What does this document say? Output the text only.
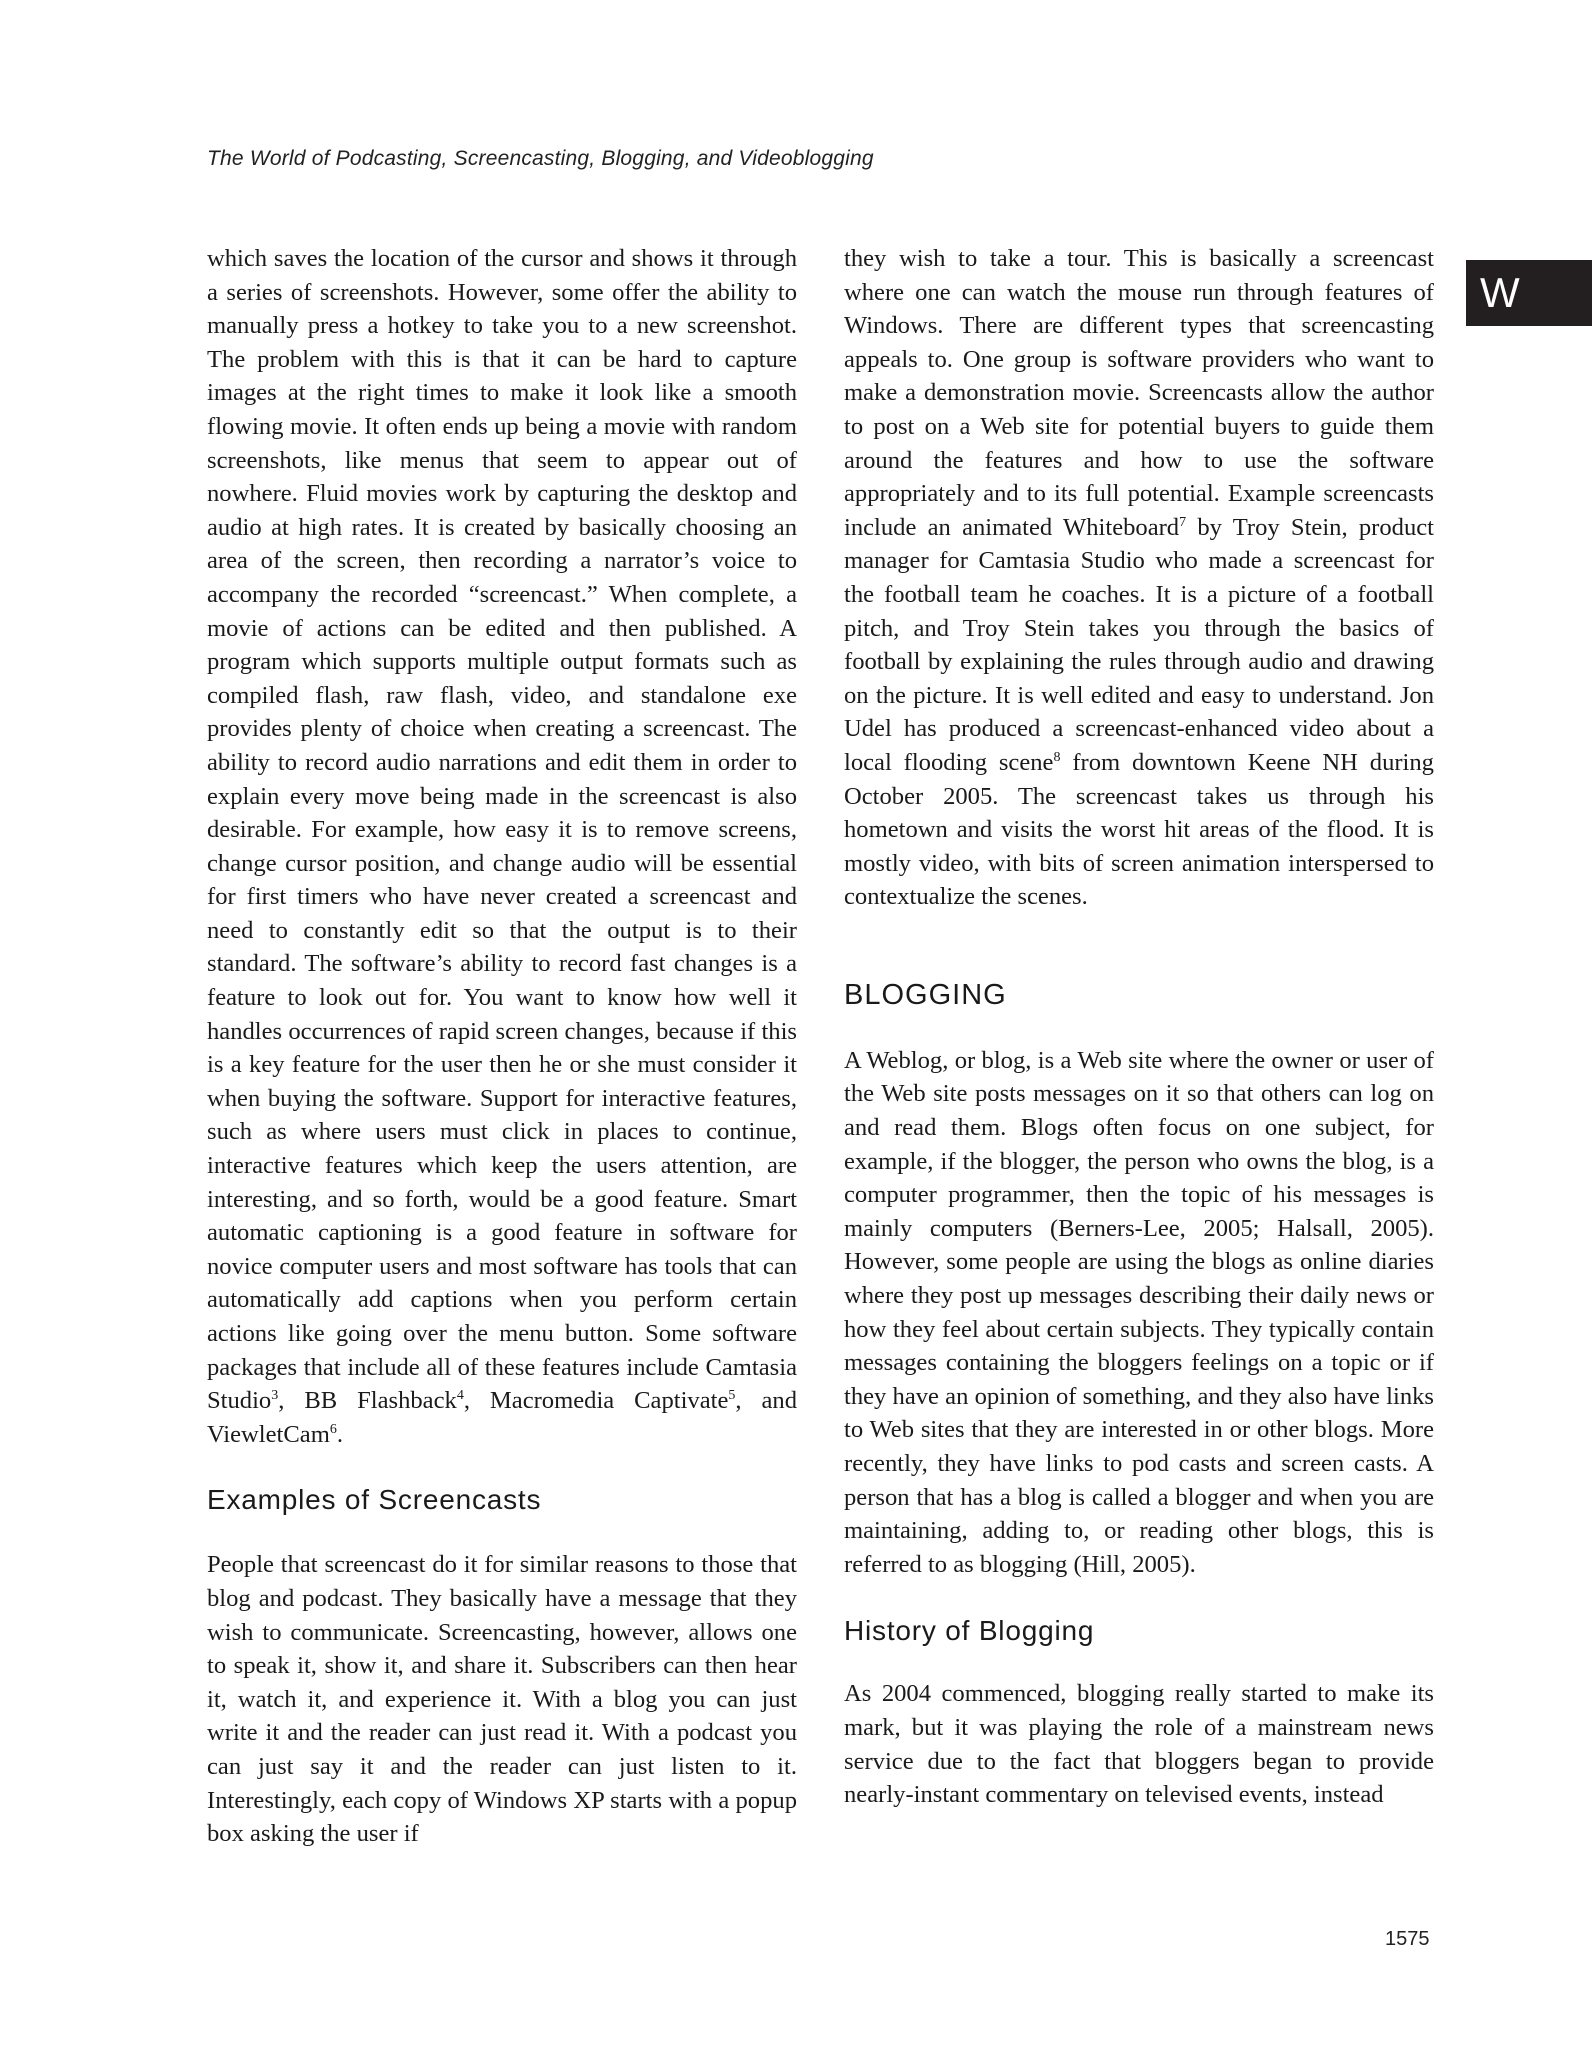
The World of Podcasting, Screencasting, Blogging, and Videoblogging
W

which saves the location of the cursor and shows it through a series of screenshots. However, some offer the ability to manually press a hotkey to take you to a new screenshot. The problem with this is that it can be hard to capture images at the right times to make it look like a smooth flowing movie. It often ends up being a movie with random screenshots, like menus that seem to appear out of nowhere. Fluid movies work by capturing the desktop and audio at high rates. It is created by basically choosing an area of the screen, then recording a narrator’s voice to accompany the recorded “screencast.” When complete, a movie of actions can be edited and then published. A program which supports multiple output formats such as compiled flash, raw flash, video, and standalone exe provides plenty of choice when creating a screencast. The ability to record audio narrations and edit them in order to explain every move being made in the screencast is also desirable. For example, how easy it is to remove screens, change cursor position, and change audio will be essential for first timers who have never created a screencast and need to constantly edit so that the output is to their standard. The software’s ability to record fast changes is a feature to look out for. You want to know how well it handles occurrences of rapid screen changes, because if this is a key feature for the user then he or she must consider it when buying the software. Support for interactive features, such as where users must click in places to continue, interactive features which keep the users attention, are interesting, and so forth, would be a good feature. Smart automatic captioning is a good feature in software for novice computer users and most software has tools that can automatically add captions when you perform certain actions like going over the menu button. Some software packages that include all of these features include Camtasia Studio$^3$, BB Flashback$^4$, Macromedia Captivate$^5$, and ViewletCam$^6$.

Examples of Screencasts

People that screencast do it for similar reasons to those that blog and podcast. They basically have a message that they wish to communicate. Screencasting, however, allows one to speak it, show it, and share it. Subscribers can then hear it, watch it, and experience it. With a blog you can just write it and the reader can just read it. With a podcast you can just say it and the reader can just listen to it. Interestingly, each copy of Windows XP starts with a popup box asking the user if

they wish to take a tour. This is basically a screencast where one can watch the mouse run through features of Windows. There are different types that screencasting appeals to. One group is software providers who want to make a demonstration movie. Screencasts allow the author to post on a Web site for potential buyers to guide them around the features and how to use the software appropriately and to its full potential. Example screencasts include an animated Whiteboard$^7$ by Troy Stein, product manager for Camtasia Studio who made a screencast for the football team he coaches. It is a picture of a football pitch, and Troy Stein takes you through the basics of football by explaining the rules through audio and drawing on the picture. It is well edited and easy to understand. Jon Udel has produced a screencast-enhanced video about a local flooding scene$^8$ from downtown Keene NH during October 2005. The screencast takes us through his hometown and visits the worst hit areas of the flood. It is mostly video, with bits of screen animation interspersed to contextualize the scenes.

BLOGGING

A Weblog, or blog, is a Web site where the owner or user of the Web site posts messages on it so that others can log on and read them. Blogs often focus on one subject, for example, if the blogger, the person who owns the blog, is a computer programmer, then the topic of his messages is mainly computers (Berners-Lee, 2005; Halsall, 2005). However, some people are using the blogs as online diaries where they post up messages describing their daily news or how they feel about certain subjects. They typically contain messages containing the bloggers feelings on a topic or if they have an opinion of something, and they also have links to Web sites that they are interested in or other blogs. More recently, they have links to pod casts and screen casts. A person that has a blog is called a blogger and when you are maintaining, adding to, or reading other blogs, this is referred to as blogging (Hill, 2005).

History of Blogging

As 2004 commenced, blogging really started to make its mark, but it was playing the role of a mainstream news service due to the fact that bloggers began to provide nearly-instant commentary on televised events, instead

1575
